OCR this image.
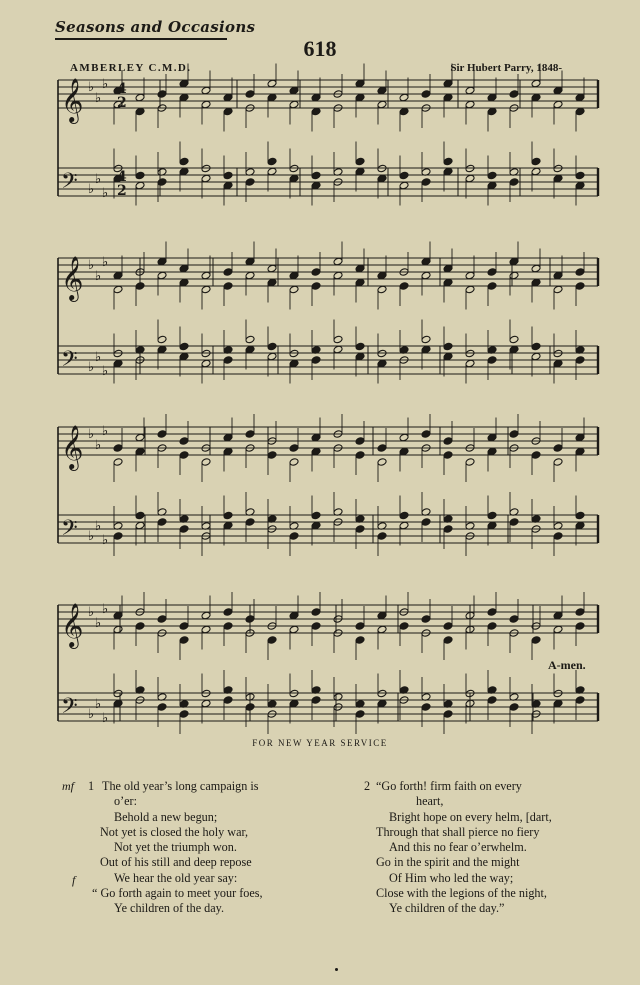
Seasons and Occasions
618
AMBERLEY C.M.D.	Sir Hubert Parry, 1848-
𝄞 ♭
♭
♭
𝄢 ♭
♭
♭
𝄞 ♭
♭
♭
𝄢 ♭
♭
♭
𝄞 ♭
♭
♭
𝄢 ♭
♭
♭
𝄞 ♭
♭
♭
𝄢 ♭
♭
♭
4
2
4
2
A-men.
FOR NEW YEAR SERVICE
mf 1
f
The old year’s long campaign is
o’er:
Behold a new begun;
Not yet is closed the holy war,
Not yet the triumph won.
Out of his still and deep repose
We hear the old year say:
“ Go forth again to meet your foes,
Ye children of the day.
2 “Go forth! firm faith on every
heart,
Bright hope on every helm, [dart,
Through that shall pierce no fiery
And this no fear o’erwhelm.
Go in the spirit and the might
Of Him who led the way;
Close with the legions of the night,
Ye children of the day.”
